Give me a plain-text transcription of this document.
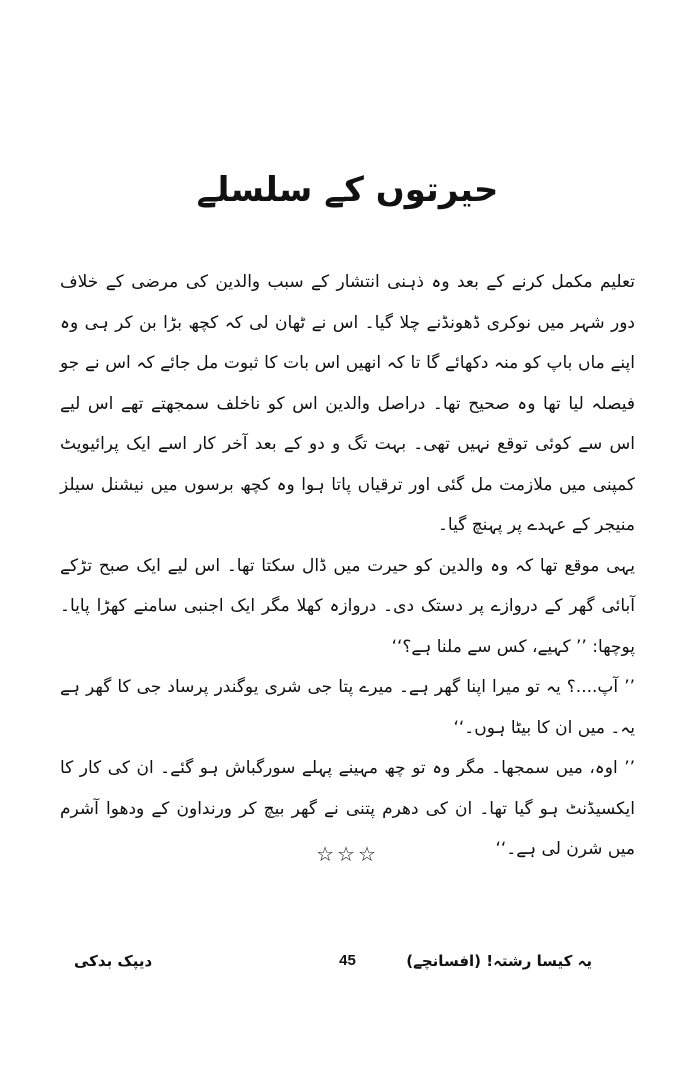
حیرتوں کے سلسلے

تعلیم مکمل کرنے کے بعد وہ ذہنی انتشار کے سبب والدین کی مرضی کے خلاف دور شہر میں نوکری ڈھونڈنے چلا گیا۔ اس نے ٹھان لی کہ کچھ بڑا بن کر ہی وہ اپنے ماں باپ کو منہ دکھائے گا تا کہ انھیں اس بات کا ثبوت مل جائے کہ اس نے جو فیصلہ لیا تھا وہ صحیح تھا۔ دراصل والدین اس کو ناخلف سمجھتے تھے اس لیے اس سے کوئی توقع نہیں تھی۔ بہت تگ و دو کے بعد آخر کار اسے ایک پرائیویٹ کمپنی میں ملازمت مل گئی اور ترقیاں پاتا ہوا وہ کچھ برسوں میں نیشنل سیلز منیجر کے عہدے پر پہنچ گیا۔

یہی موقع تھا کہ وہ والدین کو حیرت میں ڈال سکتا تھا۔ اس لیے ایک صبح تڑکے آبائی گھر کے دروازے پر دستک دی۔ دروازہ کھلا مگر ایک اجنبی سامنے کھڑا پایا۔ پوچھا: ’’ کہیے، کس سے ملنا ہے؟‘‘

’’ آپ....؟ یہ تو میرا اپنا گھر ہے۔ میرے پتا جی شری یوگندر پرساد جی کا گھر ہے یہ۔ میں ان کا بیٹا ہوں۔‘‘

’’ اوہ، میں سمجھا۔ مگر وہ تو چھ مہینے پہلے سورگباش ہو گئے۔ ان کی کار کا ایکسیڈنٹ ہو گیا تھا۔ ان کی دھرم پتنی نے گھر بیچ کر ورنداون کے ودھوا آشرم میں شرن لی ہے۔‘‘

☆☆☆
یہ کیسا رشتہ! (افسانچے)
45
دیپک بدکی
